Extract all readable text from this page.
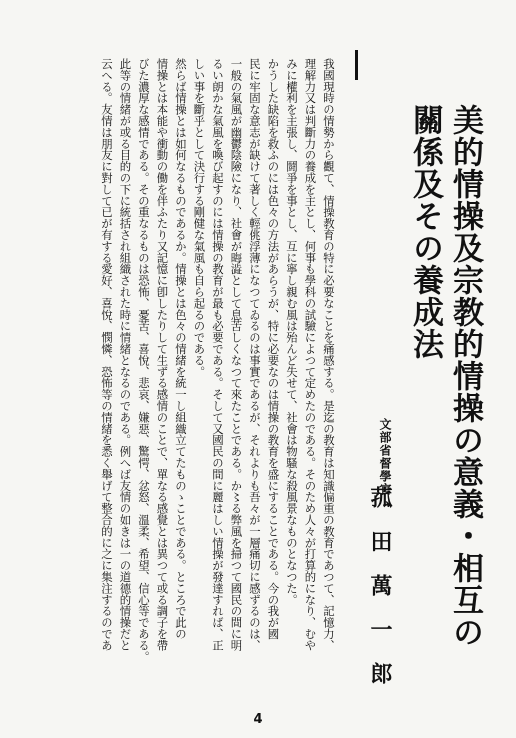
美的情操及宗教的情操の意義・相互の
關係及その養成法
文部省督學官
菰田萬一郎
我國現時の情勢から觀て、情操教育の特に必要なことを痛感する。是迄の教育は知識偏重の教育であつて、記憶力、
理解力又は判斷力の養成を主とし、何事も學科の試驗によつて定めたのである。そのため人々が打算的になり、むや
みに權利を主張し、鬪爭を事とし、互に寧し親む風は殆んど失せて、社會は物騷な殺風景なものとなつた。
かうした缺陷を救ふのには色々の方法があらうが、特に必要なのは情操の教育を盛にすることである。今の我が國
民に牢固な意志が缺けて著しく輕佻浮薄になつてゐるのは事實であるが、それよりも吾々が一層痛切に感ずるのは、
一般の氣風が幽鬱陰險になり、社會が晦澁として息苦しくなつて來たことである。か〻る弊風を掃つて國民の間に明
るい朗かな氣風を喚び起すのには情操の教育が最も必要である。そして又國民の間に麗はしい情操が發達すれば、正
しい事を斷乎として決行する剛健な氣風も自ら起るのである。
然らば情操とは如何なるものであるか。情操とは色々の情緒を統一し組織立てたものゝことである。ところで此の
情操とは本能や衝動の働を伴ふたり又記憶に卽したりして生ずる感情のことで、單なる感覺とは異つて或る調子を帶
びた濃厚な感情である。その重なるものは恐怖、憂苦、喜悅、悲哀、嫌惡、驚愕、忿怒、溫柔、希望、信心等である。
此等の情緒が或る目的の下に統括され組織された時に情緒となるのである。例へば友情の如きは一の道德的情操だと
云へる。友情は朋友に對して已が有する愛好、喜悅、憫憐、恐怖等の情緒を悉く舉げて整合的に之に集注するのであ
4
